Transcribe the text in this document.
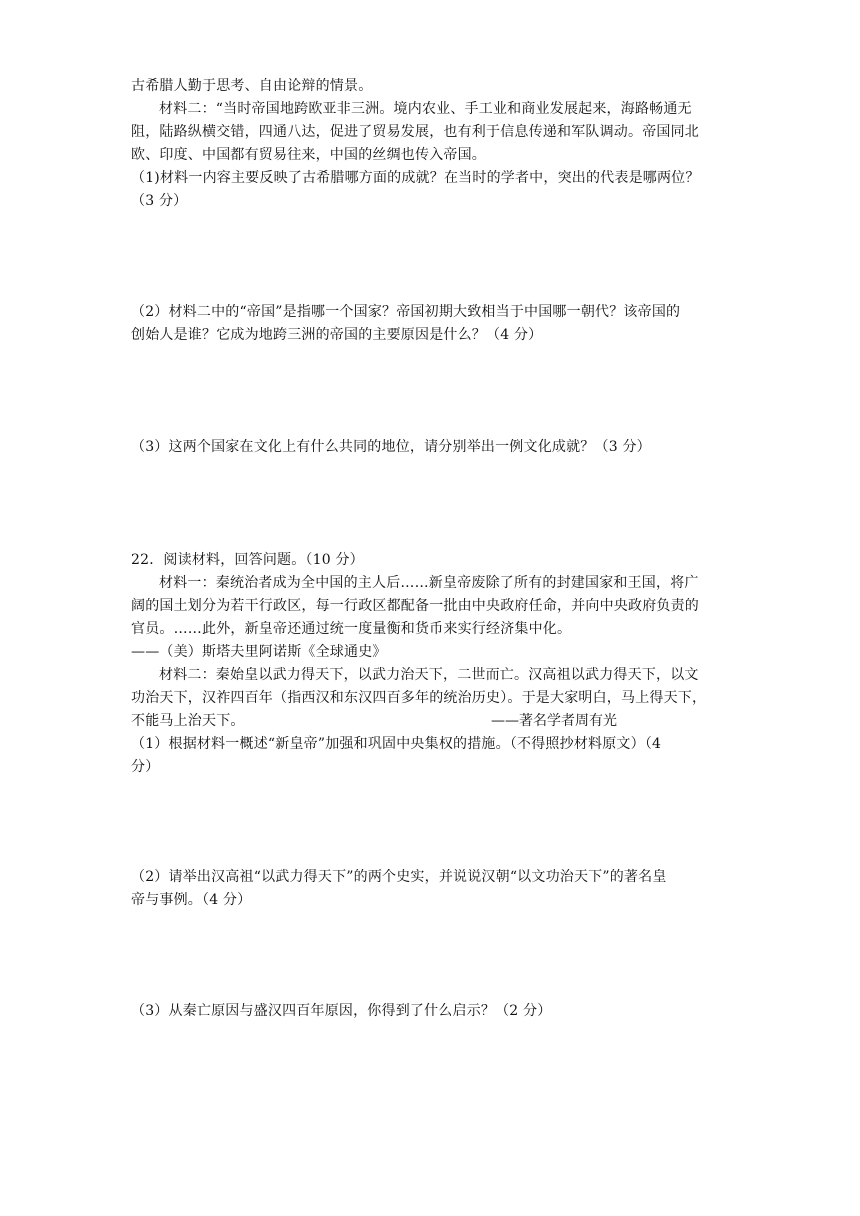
古希腊人勤于思考、自由论辩的情景。
材料二：“当时帝国地跨欧亚非三洲。境内农业、手工业和商业发展起来，海路畅通无
阻，陆路纵横交错，四通八达，促进了贸易发展，也有利于信息传递和军队调动。帝国同北
欧、印度、中国都有贸易往来，中国的丝绸也传入帝国。
（1)材料一内容主要反映了古希腊哪方面的成就？在当时的学者中，突出的代表是哪两位？
（3 分）
（2）材料二中的“帝国”是指哪一个国家？帝国初期大致相当于中国哪一朝代？该帝国的
创始人是谁？它成为地跨三洲的帝国的主要原因是什么？（4 分）
（3）这两个国家在文化上有什么共同的地位，请分别举出一例文化成就？（3 分）
22．阅读材料，回答问题。（10 分）
材料一：秦统治者成为全中国的主人后……新皇帝废除了所有的封建国家和王国，将广
阔的国土划分为若干行政区，每一行政区都配备一批由中央政府任命，并向中央政府负责的
官员。……此外，新皇帝还通过统一度量衡和货币来实行经济集中化。
——（美）斯塔夫里阿诺斯《全球通史》
材料二：秦始皇以武力得天下，以武力治天下，二世而亡。汉高祖以武力得天下，以文
功治天下，汉祚四百年（指西汉和东汉四百多年的统治历史）。于是大家明白，马上得天下，
不能马上治天下。	——著名学者周有光
（1）根据材料一概述“新皇帝”加强和巩固中央集权的措施。（不得照抄材料原文）（4
分）
（2）请举出汉高祖“以武力得天下”的两个史实，并说说汉朝“以文功治天下”的著名皇
帝与事例。（4 分）
（3）从秦亡原因与盛汉四百年原因，你得到了什么启示？（2 分）
